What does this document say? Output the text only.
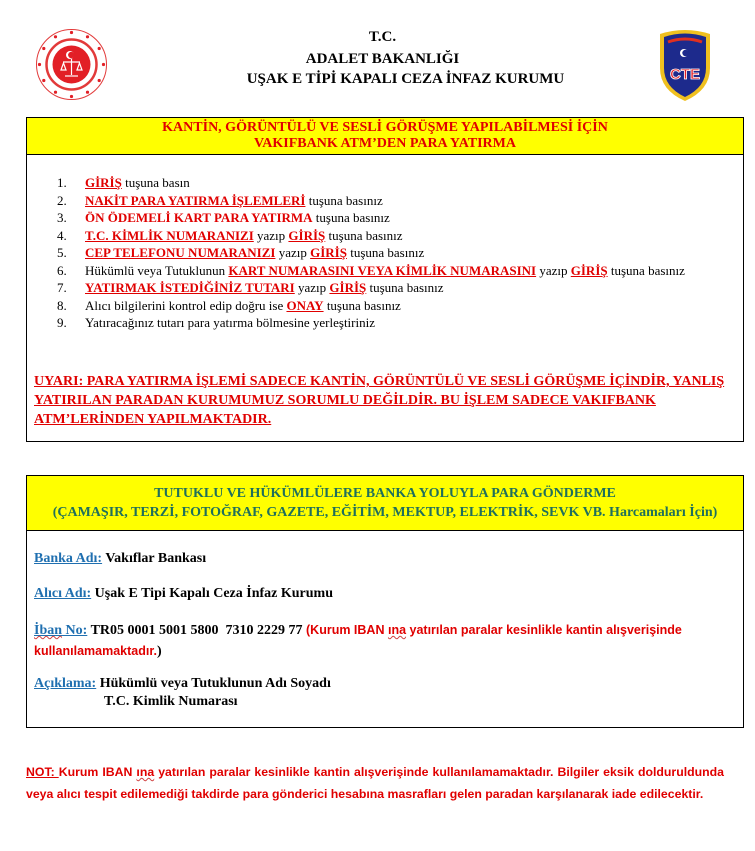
T.C.
ADALET BAKANLIĞI
UŞAK E TİPİ KAPALI CEZA İNFAZ KURUMU	CTE
KANTİN, GÖRÜNTÜLÜ VE SESLİ GÖRÜŞME YAPILABİLMESİ İÇİN
VAKIFBANK ATM’DEN PARA YATIRMA
1. GİRİŞ tuşuna basın
2. NAKİT PARA YATIRMA İŞLEMLERİ tuşuna basınız
3. ÖN ÖDEMELİ KART PARA YATIRMA tuşuna basınız
4. T.C. KİMLİK NUMARANIZI yazıp GİRİŞ tuşuna basınız
5. CEP TELEFONU NUMARANIZI yazıp GİRİŞ tuşuna basınız
6. Hükümlü veya Tutuklunun KART NUMARASINI VEYA KİMLİK NUMARASINI yazıp GİRİŞ tuşuna basınız
7. YATIRMAK İSTEDİĞİNİZ TUTARI yazıp GİRİŞ tuşuna basınız
8. Alıcı bilgilerini kontrol edip doğru ise ONAY tuşuna basınız
9. Yatıracağınız tutarı para yatırma bölmesine yerleştiriniz
UYARI: PARA YATIRMA İŞLEMİ SADECE KANTİN, GÖRÜNTÜLÜ VE SESLİ GÖRÜŞME İÇİNDİR, YANLIŞ YATIRILAN PARADAN KURUMUMUZ SORUMLU DEĞİLDİR. BU İŞLEM SADECE VAKIFBANK ATM’LERİNDEN YAPILMAKTADIR.
TUTUKLU VE HÜKÜMLÜLERE BANKA YOLUYLA PARA GÖNDERME
(ÇAMAŞIR, TERZİ, FOTOĞRAF, GAZETE, EĞİTİM, MEKTUP, ELEKTRİK, SEVK VB. Harcamaları İçin)
Banka Adı: Vakıflar Bankası
Alıcı Adı: Uşak E Tipi Kapalı Ceza İnfaz Kurumu
İban No: TR05 0001 5001 5800  7310 2229 77 (Kurum IBAN ına yatırılan paralar kesinlikle kantin alışverişinde kullanılamamaktadır.)
Açıklama: Hükümlü veya Tutuklunun Adı Soyadı
T.C. Kimlik Numarası
NOT: Kurum IBAN ına yatırılan paralar kesinlikle kantin alışverişinde kullanılamamaktadır. Bilgiler eksik dolduruldunda veya alıcı tespit edilemediği takdirde para gönderici hesabına masrafları gelen paradan karşılanarak iade edilecektir.
